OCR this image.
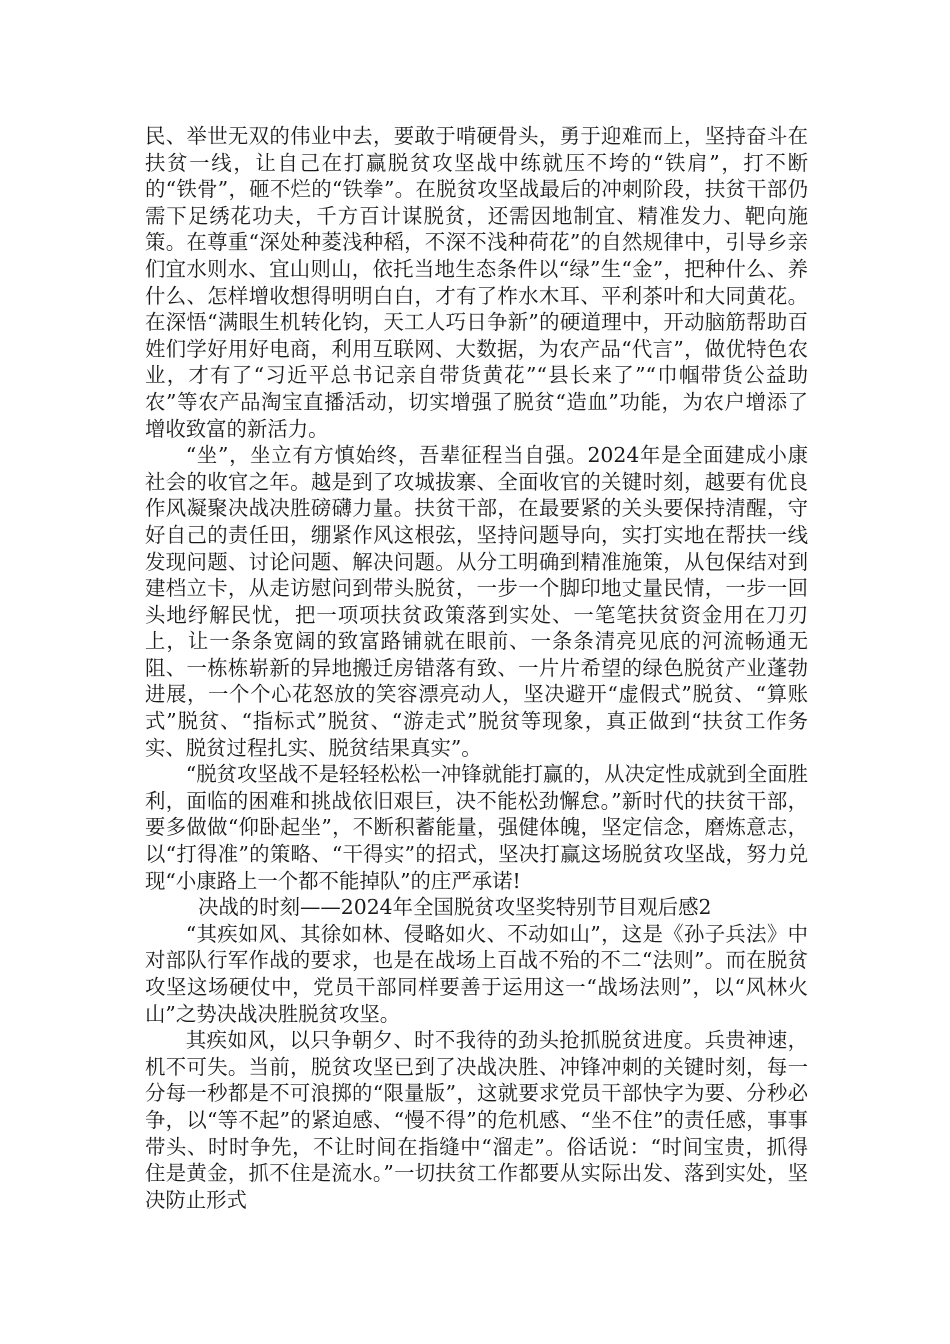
民、举世无双的伟业中去，要敢于啃硬骨头，勇于迎难而上，坚持奋斗在扶贫一线，让自己在打赢脱贫攻坚战中练就压不垮的“铁肩”，打不断的“铁骨”，砸不烂的“铁拳”。在脱贫攻坚战最后的冲刺阶段，扶贫干部仍需下足绣花功夫，千方百计谋脱贫，还需因地制宜、精准发力、靶向施策。在尊重“深处种菱浅种稻，不深不浅种荷花”的自然规律中，引导乡亲们宜水则水、宜山则山，依托当地生态条件以“绿”生“金”，把种什么、养什么、怎样增收想得明明白白，才有了柞水木耳、平利茶叶和大同黄花。在深悟“满眼生机转化钧，天工人巧日争新”的硬道理中，开动脑筋帮助百姓们学好用好电商，利用互联网、大数据，为农产品“代言”，做优特色农业，才有了“习近平总书记亲自带货黄花”“县长来了”“巾帼带货公益助农”等农产品淘宝直播活动，切实增强了脱贫“造血”功能，为农户增添了增收致富的新活力。

“坐”，坐立有方慎始终，吾辈征程当自强。2024年是全面建成小康社会的收官之年。越是到了攻城拔寨、全面收官的关键时刻，越要有优良作风凝聚决战决胜磅礴力量。扶贫干部，在最要紧的关头要保持清醒，守好自己的责任田，绷紧作风这根弦，坚持问题导向，实打实地在帮扶一线发现问题、讨论问题、解决问题。从分工明确到精准施策，从包保结对到建档立卡，从走访慰问到带头脱贫，一步一个脚印地丈量民情，一步一回头地纾解民忧，把一项项扶贫政策落到实处、一笔笔扶贫资金用在刀刃上，让一条条宽阔的致富路铺就在眼前、一条条清亮见底的河流畅通无阻、一栋栋崭新的异地搬迁房错落有致、一片片希望的绿色脱贫产业蓬勃进展，一个个心花怒放的笑容漂亮动人，坚决避开“虚假式”脱贫、“算账式”脱贫、“指标式”脱贫、“游走式”脱贫等现象，真正做到“扶贫工作务实、脱贫过程扎实、脱贫结果真实”。

“脱贫攻坚战不是轻轻松松一冲锋就能打赢的，从决定性成就到全面胜利，面临的困难和挑战依旧艰巨，决不能松劲懈怠。”新时代的扶贫干部，要多做做“仰卧起坐”，不断积蓄能量，强健体魄，坚定信念，磨炼意志，以“打得准”的策略、“干得实”的招式，坚决打赢这场脱贫攻坚战，努力兑现“小康路上一个都不能掉队”的庄严承诺!

决战的时刻——2024年全国脱贫攻坚奖特别节目观后感2

“其疾如风、其徐如林、侵略如火、不动如山”，这是《孙子兵法》中对部队行军作战的要求，也是在战场上百战不殆的不二“法则”。而在脱贫攻坚这场硬仗中，党员干部同样要善于运用这一“战场法则”，以“风林火山”之势决战决胜脱贫攻坚。

其疾如风，以只争朝夕、时不我待的劲头抢抓脱贫进度。兵贵神速，机不可失。当前，脱贫攻坚已到了决战决胜、冲锋冲刺的关键时刻，每一分每一秒都是不可浪掷的“限量版”，这就要求党员干部快字为要、分秒必争，以“等不起”的紧迫感、“慢不得”的危机感、“坐不住”的责任感，事事带头、时时争先，不让时间在指缝中“溜走”。俗话说：“时间宝贵，抓得住是黄金，抓不住是流水。”一切扶贫工作都要从实际出发、落到实处，坚决防止形式
